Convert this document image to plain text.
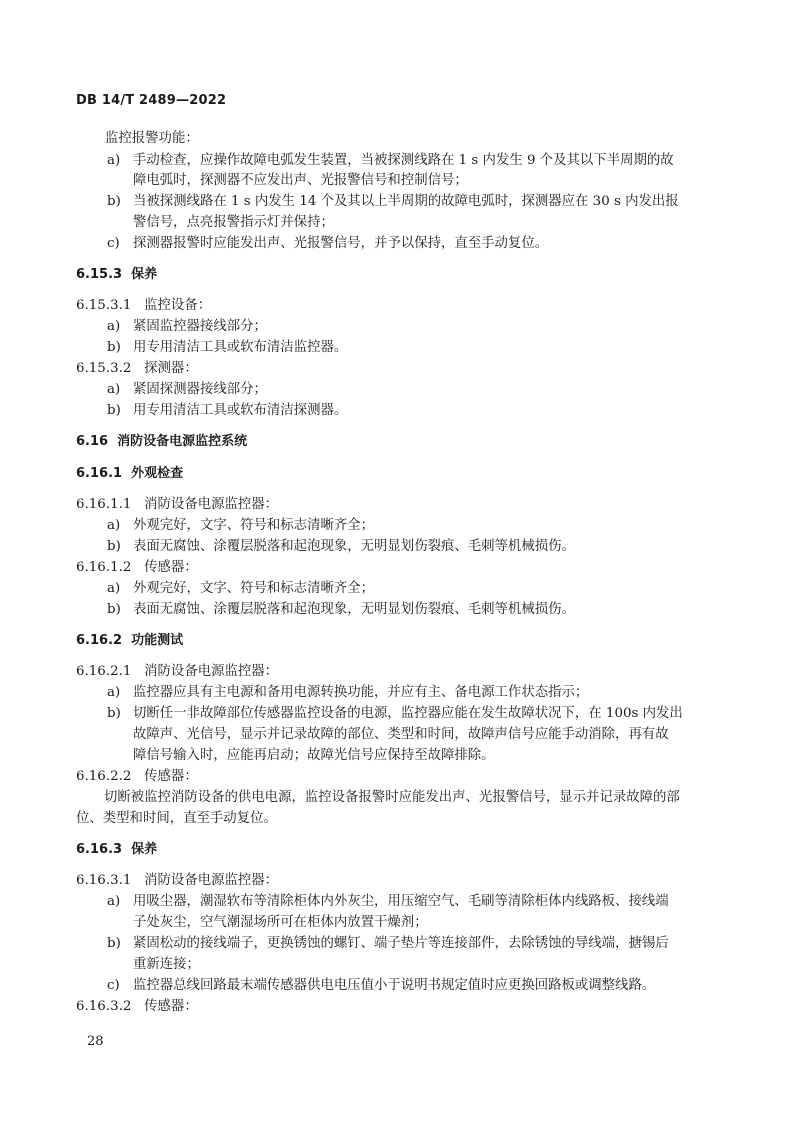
DB 14/T 2489—2022
监控报警功能：
a) 手动检查，应操作故障电弧发生装置，当被探测线路在 1 s 内发生 9 个及其以下半周期的故
障电弧时，探测器不应发出声、光报警信号和控制信号；
b) 当被探测线路在 1 s 内发生 14 个及其以上半周期的故障电弧时，探测器应在 30 s 内发出报
警信号，点亮报警指示灯并保持；
c) 探测器报警时应能发出声、光报警信号，并予以保持，直至手动复位。
6.15.3 保养
6.15.3.1 监控设备：
a) 紧固监控器接线部分；
b) 用专用清洁工具或软布清洁监控器。
6.15.3.2 探测器：
a) 紧固探测器接线部分；
b) 用专用清洁工具或软布清洁探测器。
6.16 消防设备电源监控系统
6.16.1 外观检查
6.16.1.1 消防设备电源监控器：
a) 外观完好，文字、符号和标志清晰齐全；
b) 表面无腐蚀、涂覆层脱落和起泡现象，无明显划伤裂痕、毛刺等机械损伤。
6.16.1.2 传感器：
a) 外观完好，文字、符号和标志清晰齐全；
b) 表面无腐蚀、涂覆层脱落和起泡现象，无明显划伤裂痕、毛刺等机械损伤。
6.16.2 功能测试
6.16.2.1 消防设备电源监控器：
a) 监控器应具有主电源和备用电源转换功能，并应有主、备电源工作状态指示；
b) 切断任一非故障部位传感器监控设备的电源，监控器应能在发生故障状况下，在 100s 内发出
故障声、光信号，显示并记录故障的部位、类型和时间，故障声信号应能手动消除，再有故
障信号输入时，应能再启动；故障光信号应保持至故障排除。
6.16.2.2 传感器：
切断被监控消防设备的供电电源，监控设备报警时应能发出声、光报警信号，显示并记录故障的部
位、类型和时间，直至手动复位。
6.16.3 保养
6.16.3.1 消防设备电源监控器：
a) 用吸尘器，潮湿软布等清除柜体内外灰尘，用压缩空气、毛刷等清除柜体内线路板、接线端
子处灰尘，空气潮湿场所可在柜体内放置干燥剂；
b) 紧固松动的接线端子，更换锈蚀的螺钉、端子垫片等连接部件，去除锈蚀的导线端，搪锡后
重新连接；
c) 监控器总线回路最末端传感器供电电压值小于说明书规定值时应更换回路板或调整线路。
6.16.3.2 传感器：
28
